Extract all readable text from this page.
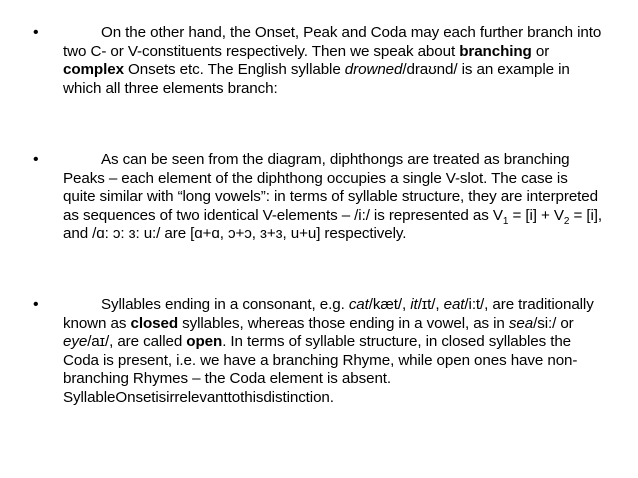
•	On the other hand, the Onset, Peak and Coda may each further branch into two C- or V-constituents respectively. Then we speak about branching or complex Onsets etc. The English syllable drowned/draʊnd/ is an example in which all three elements branch:
•	As can be seen from the diagram, diphthongs are treated as branching Peaks – each element of the diphthong occupies a single V-slot. The case is quite similar with “long vowels”: in terms of syllable structure, they are interpreted as sequences of two identical V-elements – /i:/ is represented as $V_1 = [i] + V_2 = [i]$, and /ɑ: ɔ: ɜ: u:/ are [ɑ+ɑ, ɔ+ɔ, ɜ+ɜ, u+u] respectively.
•	Syllables ending in a consonant, e.g. cat/kæt/, it/ɪt/, eat/i:t/, are traditionally known as closed syllables, whereas those ending in a vowel, as in sea/si:/ or eye/aɪ/, are called open. In terms of syllable structure, in closed syllables the Coda is present, i.e. we have a branching Rhyme, while open ones have non-branching Rhymes – the Coda element is absent. SyllableOnsetisirrelevanttothisdistinction.
